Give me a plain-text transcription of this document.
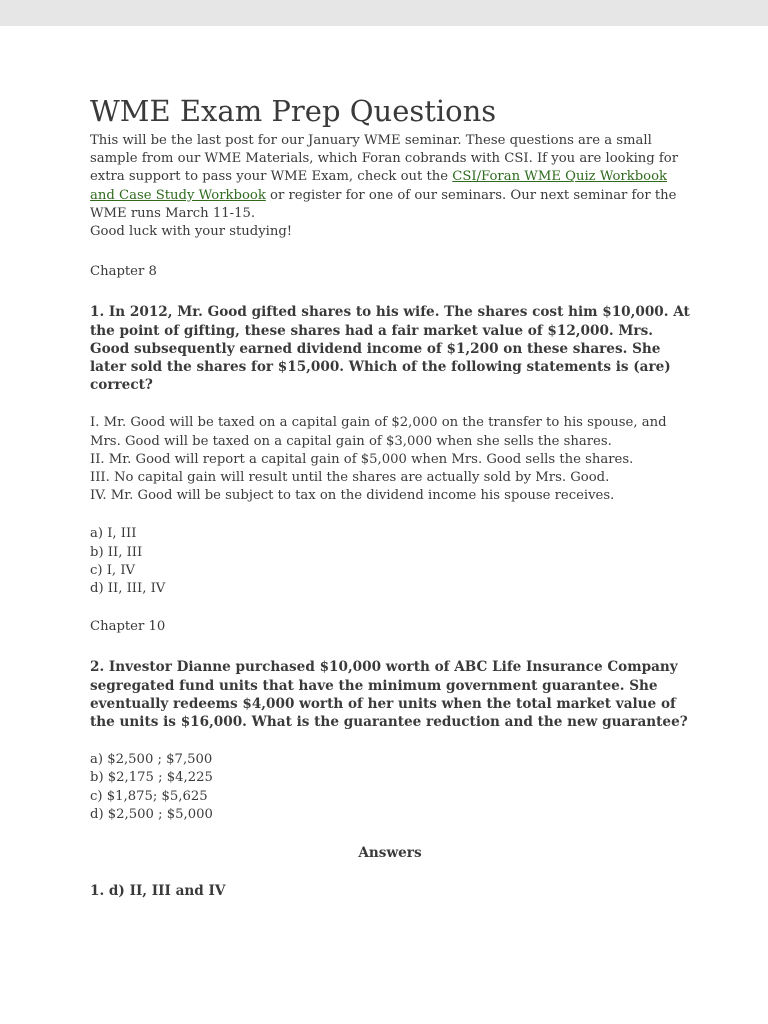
WME Exam Prep Questions

This will be the last post for our January WME seminar. These questions are a small sample from our WME Materials, which Foran cobrands with CSI. If you are looking for extra support to pass your WME Exam, check out the CSI/Foran WME Quiz Workbook and Case Study Workbook or register for one of our seminars. Our next seminar for the WME runs March 11-15.

Good luck with your studying!

Chapter 8

1. In 2012, Mr. Good gifted shares to his wife. The shares cost him $10,000. At the point of gifting, these shares had a fair market value of $12,000. Mrs. Good subsequently earned dividend income of $1,200 on these shares. She later sold the shares for $15,000. Which of the following statements is (are) correct?

I. Mr. Good will be taxed on a capital gain of $2,000 on the transfer to his spouse, and Mrs. Good will be taxed on a capital gain of $3,000 when she sells the shares.

II. Mr. Good will report a capital gain of $5,000 when Mrs. Good sells the shares.

III. No capital gain will result until the shares are actually sold by Mrs. Good.

IV. Mr. Good will be subject to tax on the dividend income his spouse receives.

a) I, III

b) II, III

c) I, IV

d) II, III, IV

Chapter 10

2. Investor Dianne purchased $10,000 worth of ABC Life Insurance Company segregated fund units that have the minimum government guarantee. She eventually redeems $4,000 worth of her units when the total market value of the units is $16,000. What is the guarantee reduction and the new guarantee?

a) $2,500 ; $7,500

b) $2,175 ; $4,225

c) $1,875; $5,625

d) $2,500 ; $5,000

Answers

1. d) II, III and IV
